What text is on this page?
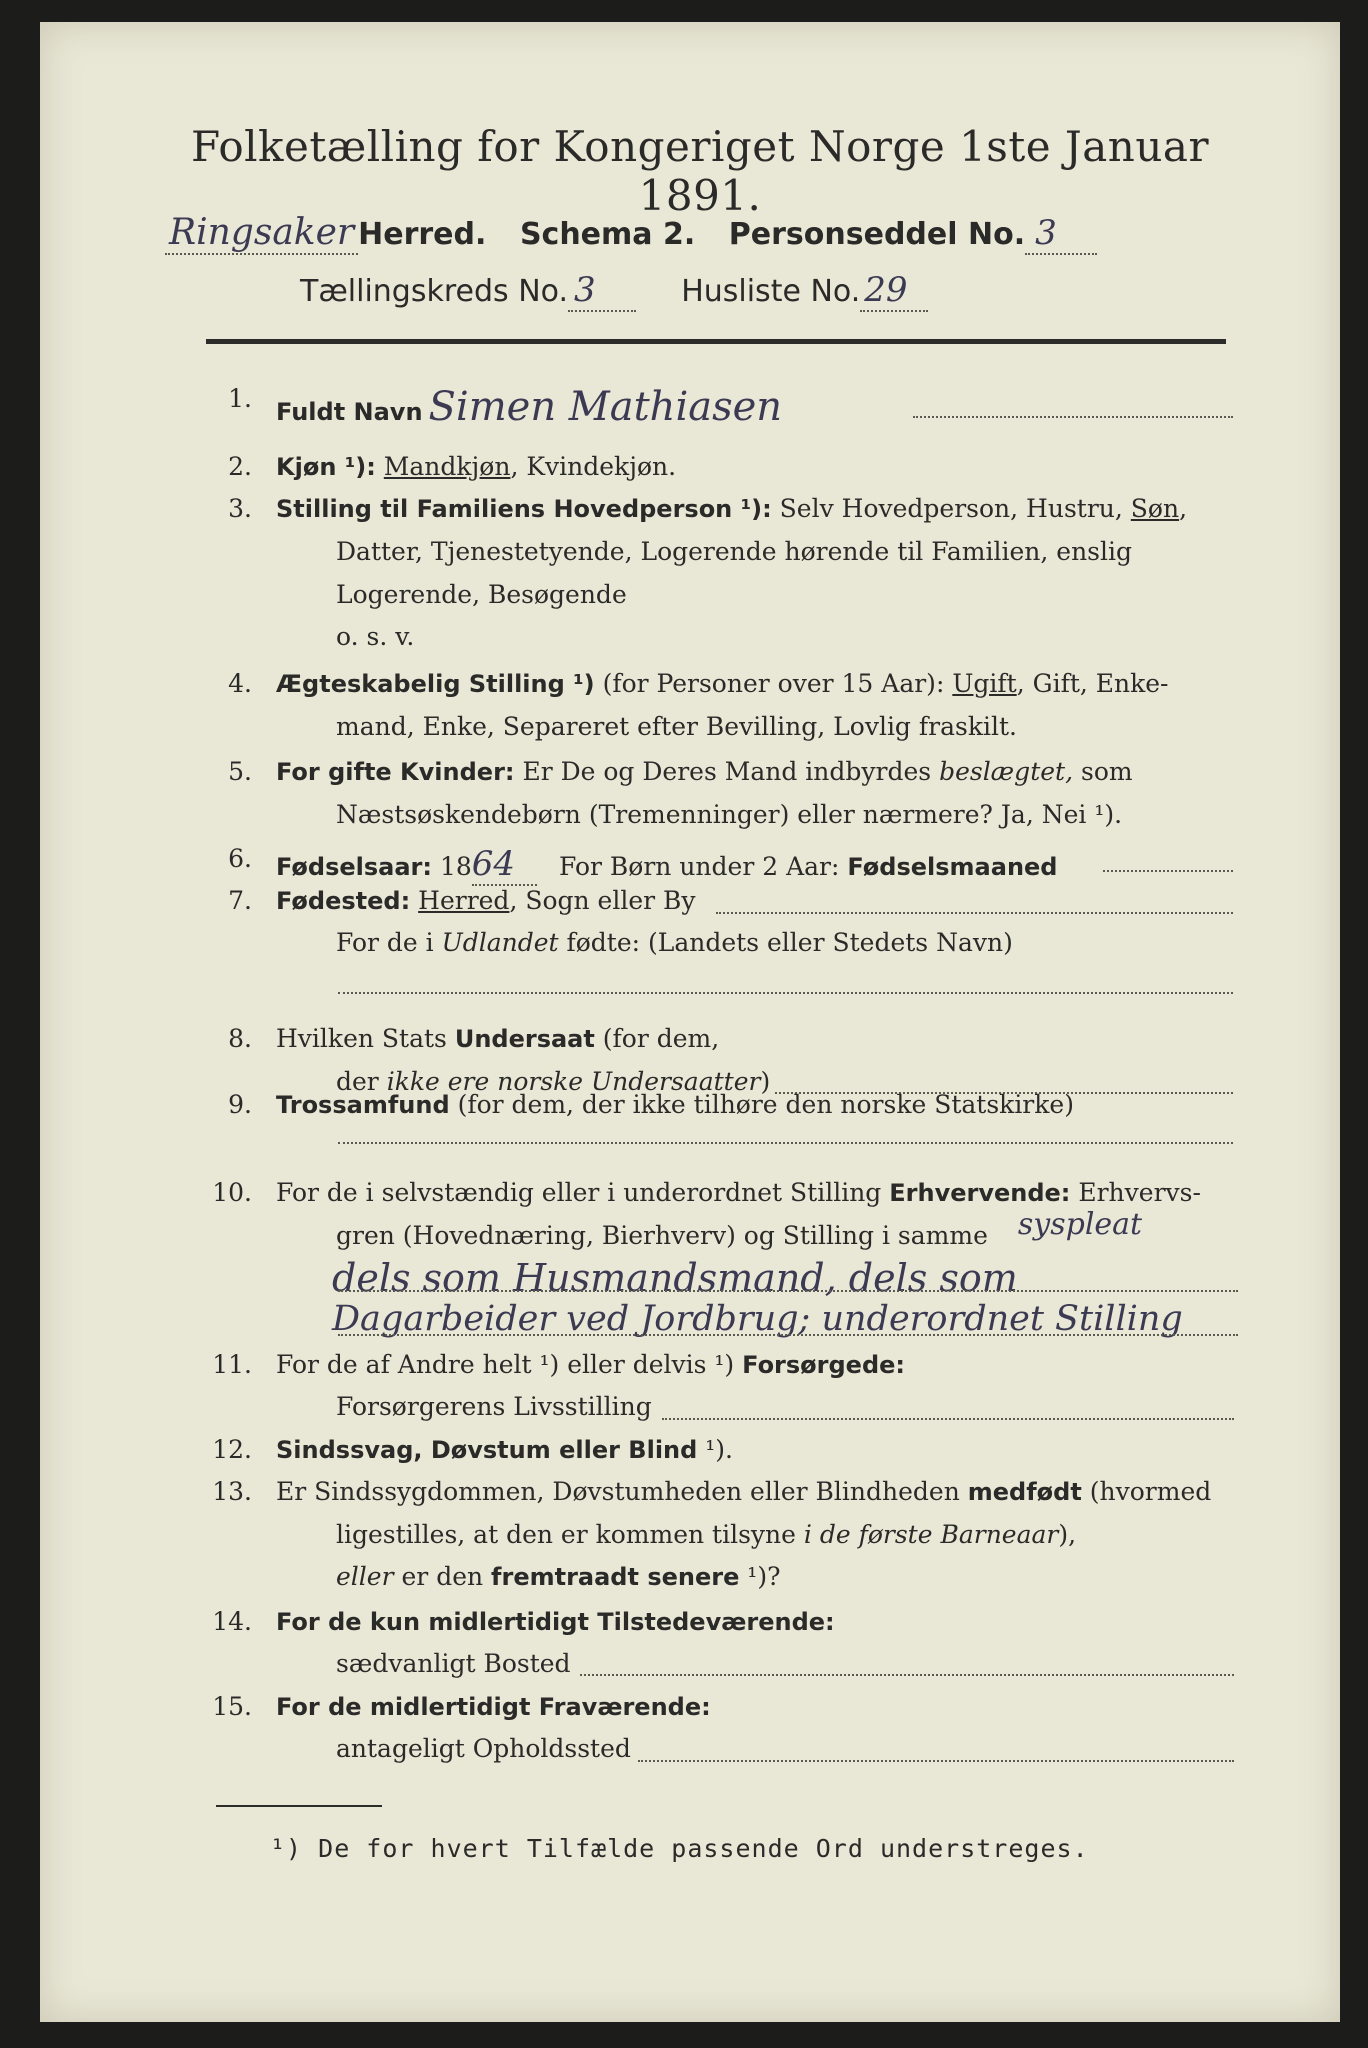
Folketælling for Kongeriget Norge 1ste Januar 1891.
Ringsaker Herred. Schema 2. Personseddel No. 3
Tællingskreds No. 3	Husliste No. 29
1. Fuldt Navn Simen Mathiasen
2. Kjøn ¹): Mandkjøn, Kvindekjøn.
3. Stilling til Familiens Hovedperson ¹): Selv Hovedperson, Hustru, Søn,
Datter, Tjenestetyende, Logerende hørende til Familien, enslig
Logerende, Besøgende
o. s. v.
4. Ægteskabelig Stilling ¹) (for Personer over 15 Aar): Ugift, Gift, Enke-
mand, Enke, Separeret efter Bevilling, Lovlig fraskilt.
5. For gifte Kvinder: Er De og Deres Mand indbyrdes beslægtet, som
Næstsøskendebørn (Tremenninger) eller nærmere? Ja, Nei ¹).
6. Fødselsaar: 1864 For Børn under 2 Aar: Fødselsmaaned
7. Fødested: Herred, Sogn eller By
For de i Udlandet fødte: (Landets eller Stedets Navn)
8. Hvilken Stats Undersaat (for dem,
der ikke ere norske Undersaatter)
9. Trossamfund (for dem, der ikke tilhøre den norske Statskirke)
10. For de i selvstændig eller i underordnet Stilling Erhvervende: Erhvervs-
gren (Hovednæring, Bierhverv) og Stilling i samme syspleat
dels som Husmandsmand, dels som
Dagarbeider ved Jordbrug; underordnet Stilling
11. For de af Andre helt ¹) eller delvis ¹) Forsørgede:
Forsørgerens Livsstilling
12. Sindssvag, Døvstum eller Blind ¹).
13. Er Sindssygdommen, Døvstumheden eller Blindheden medfødt (hvormed
ligestilles, at den er kommen tilsyne i de første Barneaar),
eller er den fremtraadt senere ¹)?
14. For de kun midlertidigt Tilstedeværende:
sædvanligt Bosted
15. For de midlertidigt Fraværende:
antageligt Opholdssted
¹) De for hvert Tilfælde passende Ord understreges.
